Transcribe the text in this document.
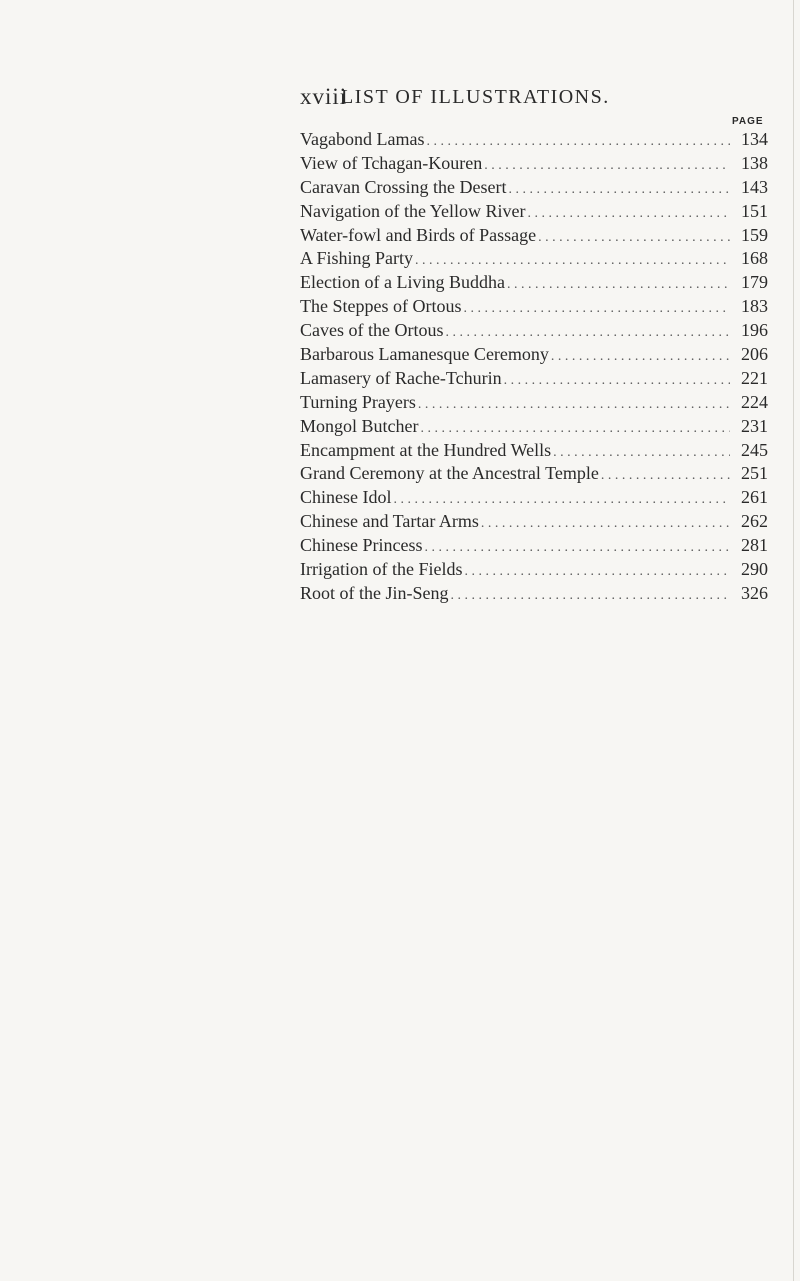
xviii
LIST OF ILLUSTRATIONS.
PAGE
Vagabond Lamas . . .	134
View of Tchagan-Kouren . . .	138
Caravan Crossing the Desert . . .	143
Navigation of the Yellow River . . .	151
Water-fowl and Birds of Passage . . .	159
A Fishing Party . . .	168
Election of a Living Buddha . . .	179
The Steppes of Ortous . . .	183
Caves of the Ortous . . .	196
Barbarous Lamanesque Ceremony . . .	206
Lamasery of Rache-Tchurin . . .	221
Turning Prayers . . .	224
Mongol Butcher . . .	231
Encampment at the Hundred Wells . . .	245
Grand Ceremony at the Ancestral Temple . . .	251
Chinese Idol . . .	261
Chinese and Tartar Arms . . .	262
Chinese Princess . . .	281
Irrigation of the Fields . . .	290
Root of the Jin-Seng . . .	326
